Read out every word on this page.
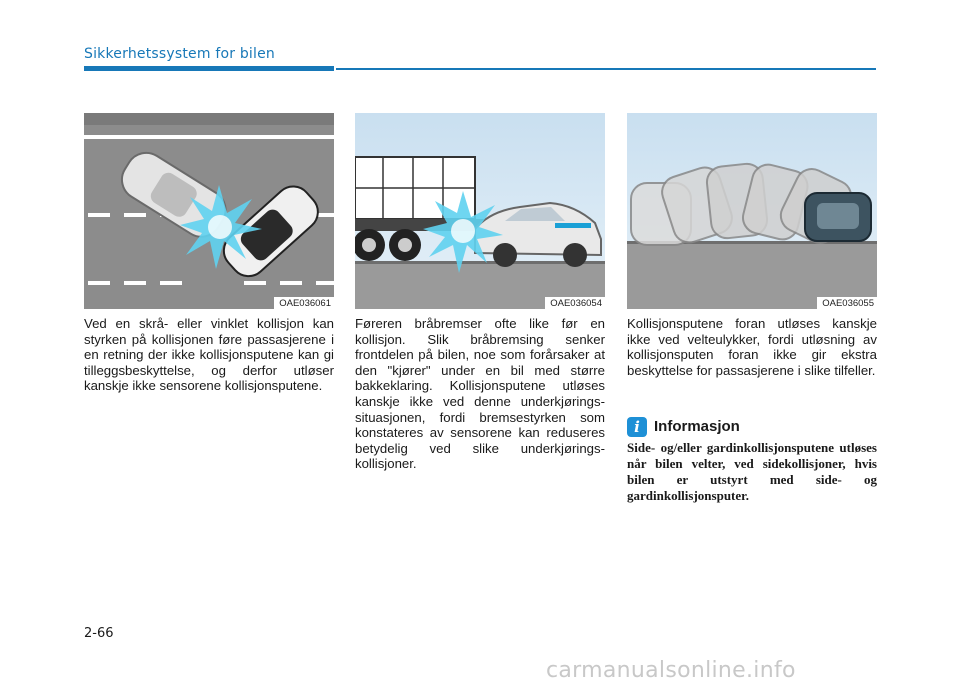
Sikkerhetssystem for bilen
OAE036061	OAE036054	OAE036055

Ved en skrå- eller vinklet kollisjon kan styrken på kollisjonen føre passasjerene i en retning der ikke kollisjonsputene kan gi tilleggsbeskyttelse, og derfor utløser kanskje ikke sensorene kollisjonsputene.

Føreren bråbremser ofte like før en kollisjon. Slik bråbremsing senker frontdelen på bilen, noe som forårsaker at den "kjører" under en bil med større bakkeklaring. Kollisjonsputene utløses kanskje ikke ved denne underkjørings-situasjonen, fordi bremsestyrken som konstateres av sensorene kan reduseres betydelig ved slike underkjørings-kollisjoner.

Kollisjonsputene foran utløses kanskje ikke ved velteulykker, fordi utløsning av kollisjonsputen foran ikke gir ekstra beskyttelse for passasjerene i slike tilfeller.

i Informasjon

Side- og/eller gardinkollisjonsputene utløses når bilen velter, ved sidekollisjoner, hvis bilen er utstyrt med side- og gardinkollisjonsputer.

2-66
carmanualsonline.info
